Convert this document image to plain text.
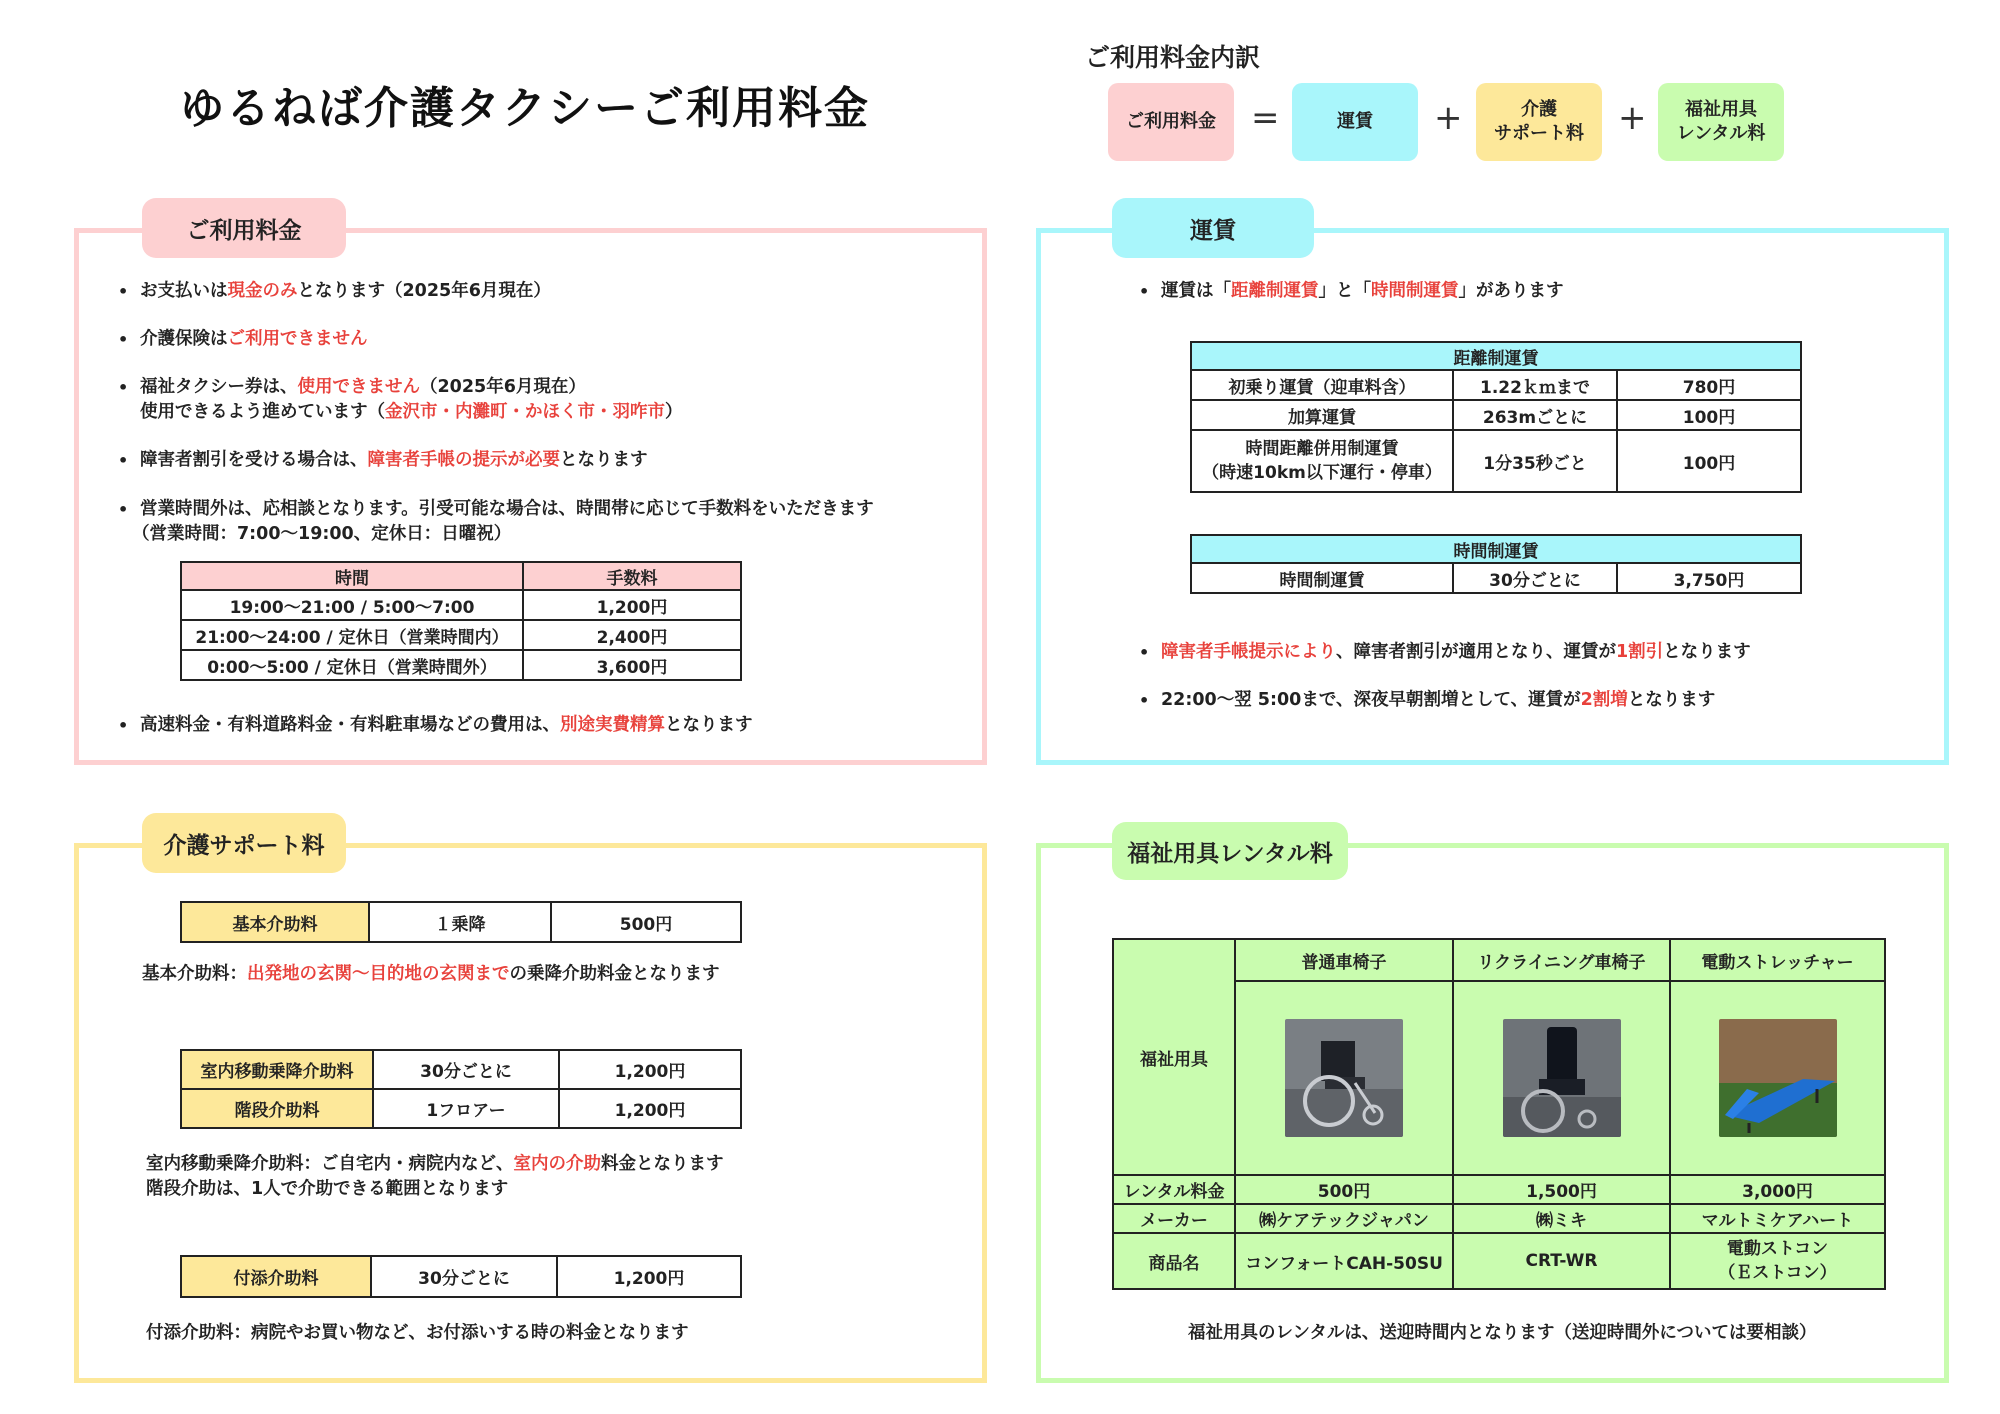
ゆるねば介護タクシーご利用料金
ご利用料金内訳
ご利用料金 =	運賃 +	介護
サポート料 +	福祉用具
レンタル料
ご利用料金
• お支払いは現金のみとなります（2025年6月現在）
• 介護保険はご利用できません
• 福祉タクシー券は、使用できません（2025年6月現在）
使用できるよう進めています（金沢市・内灘町・かほく市・羽咋市）
• 障害者割引を受ける場合は、障害者手帳の提示が必要となります
• 営業時間外は、応相談となります。引受可能な場合は、時間帯に応じて手数料をいただきます
（営業時間：7:00〜19:00、定休日：日曜祝）
時間	手数料
19:00〜21:00 / 5:00〜7:00	1,200円
21:00〜24:00 / 定休日（営業時間内）	2,400円
0:00〜5:00 / 定休日（営業時間外）	3,600円
• 高速料金・有料道路料金・有料駐車場などの費用は、別途実費精算となります
運賃
• 運賃は「距離制運賃」と「時間制運賃」があります
距離制運賃		
初乗り運賃（迎車料含）	1.22ｋｍまで	780円
加算運賃	263mごとに	100円
時間距離併用制運賃
（時速10km以下運行・停車）	1分35秒ごと	100円
時間制運賃
時間制運賃	30分ごとに	3,750円
• 障害者手帳提示により、障害者割引が適用となり、運賃が1割引となります
• 22:00〜翌 5:00まで、深夜早朝割増として、運賃が2割増となります
介護サポート料
基本介助料	１乗降	500円
基本介助料：出発地の玄関〜目的地の玄関までの乗降介助料金となります
室内移動乗降介助料	30分ごとに	1,200円
階段介助料	1フロアー	1,200円
室内移動乗降介助料：ご自宅内・病院内など、室内の介助料金となります
階段介助は、1人で介助できる範囲となります
付添介助料	30分ごとに	1,200円
付添介助料：病院やお買い物など、お付添いする時の料金となります
福祉用具レンタル料
福祉用具	普通車椅子	リクライニング車椅子	電動ストレッチャー

レンタル料金	500円	1,500円	3,000円
メーカー	㈱ケアテックジャパン	㈱ミキ	マルトミケアハート
商品名	コンフォートCAH-50SU	CRT-WR	電動ストコン
（Ｅストコン）
福祉用具のレンタルは、送迎時間内となります（送迎時間外については要相談）
